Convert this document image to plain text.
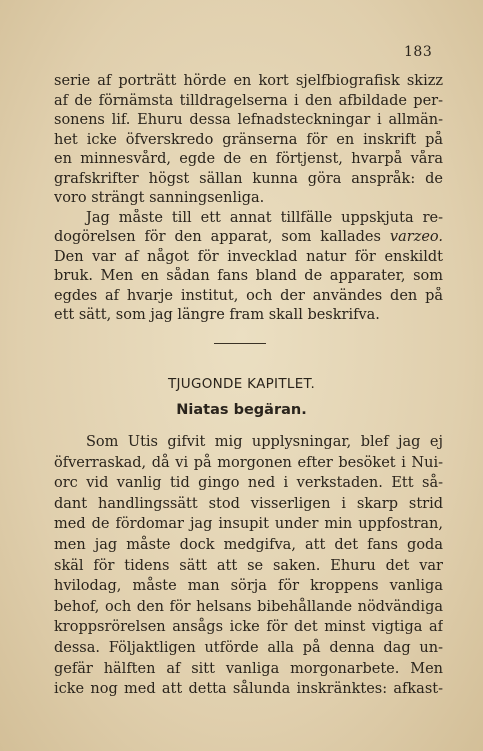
183
serie af porträtt hörde en kort sjelfbiografisk skizz
af de förnämsta tilldragelserna i den afbildade per-
sonens lif. Ehuru dessa lefnadsteckningar i allmän-
het icke öfverskredo gränserna för en inskrift på
en minnesvård, egde de en förtjenst, hvarpå våra
grafskrifter högst sällan kunna göra anspråk: de
voro strängt sanningsenliga.
Jag måste till ett annat tillfälle uppskjuta re-
dogörelsen för den apparat, som kallades varzeo.
Den var af något för invecklad natur för enskildt
bruk. Men en sådan fans bland de apparater, som
egdes af hvarje institut, och der användes den på
ett sätt, som jag längre fram skall beskrifva.
TJUGONDE KAPITLET.
Niatas begäran.
Som Utis gifvit mig upplysningar, blef jag ej
öfverraskad, då vi på morgonen efter besöket i Nui-
orc vid vanlig tid gingo ned i verkstaden. Ett så-
dant handlingssätt stod visserligen i skarp strid
med de fördomar jag insupit under min uppfostran,
men jag måste dock medgifva, att det fans goda
skäl för tidens sätt att se saken. Ehuru det var
hvilodag, måste man sörja för kroppens vanliga
behof, och den för helsans bibehållande nödvändiga
kroppsrörelsen ansågs icke för det minst vigtiga af
dessa. Följaktligen utförde alla på denna dag un-
gefär hälften af sitt vanliga morgonarbete. Men
icke nog med att detta sålunda inskränktes: afkast-
